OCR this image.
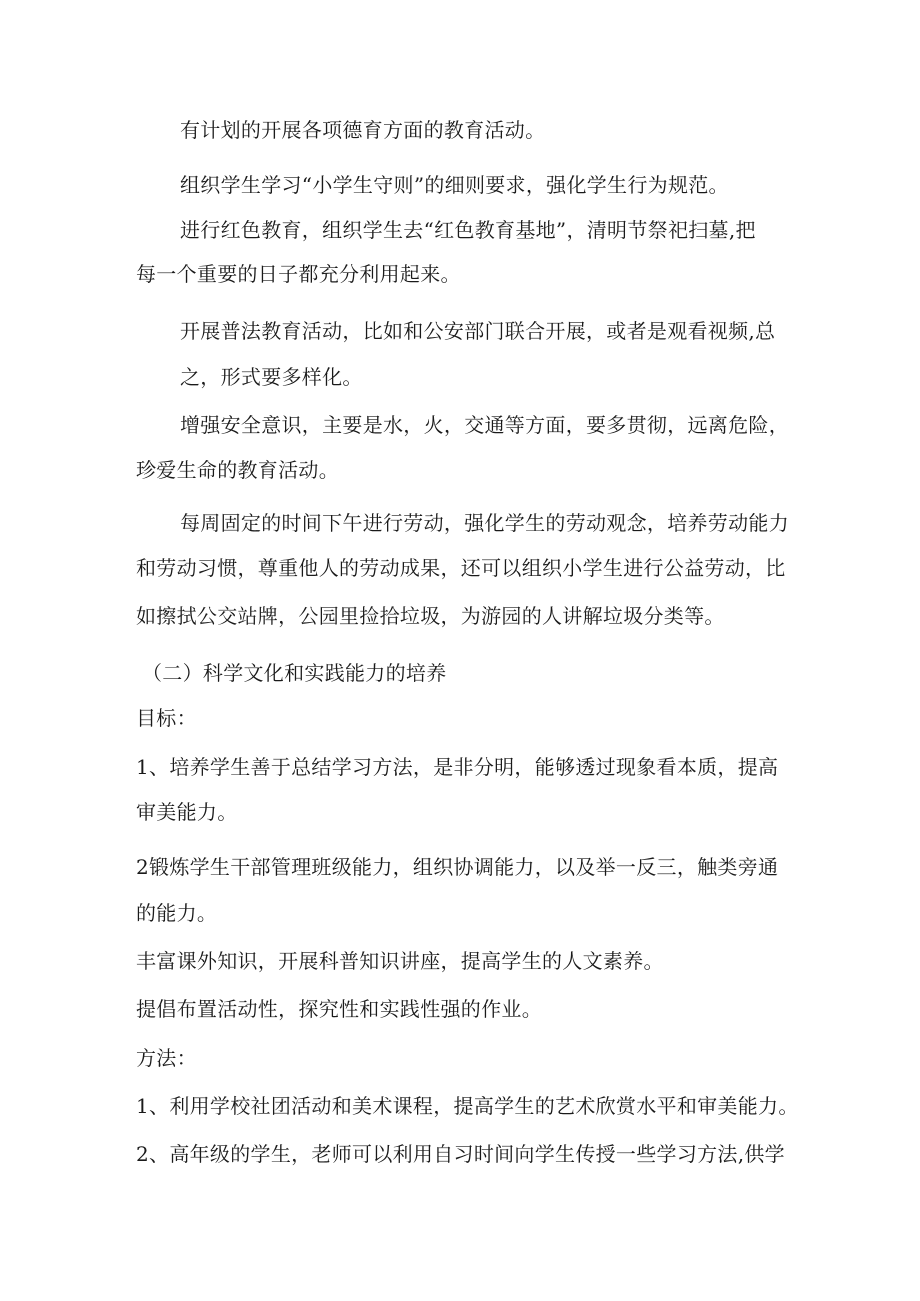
有计划的开展各项德育方面的教育活动。
组织学生学习“小学生守则”的细则要求，强化学生行为规范。
进行红色教育，组织学生去“红色教育基地”，清明节祭祀扫墓,把
每一个重要的日子都充分利用起来。
开展普法教育活动，比如和公安部门联合开展，或者是观看视频,总
之，形式要多样化。
增强安全意识，主要是水，火，交通等方面，要多贯彻，远离危险，
珍爱生命的教育活动。
每周固定的时间下午进行劳动，强化学生的劳动观念，培养劳动能力
和劳动习惯，尊重他人的劳动成果，还可以组织小学生进行公益劳动，比
如擦拭公交站牌，公园里捡拾垃圾，为游园的人讲解垃圾分类等。
（二）科学文化和实践能力的培养
目标：
1、培养学生善于总结学习方法，是非分明，能够透过现象看本质，提高
审美能力。
2锻炼学生干部管理班级能力，组织协调能力，以及举一反三，触类旁通
的能力。
丰富课外知识，开展科普知识讲座，提高学生的人文素养。
提倡布置活动性，探究性和实践性强的作业。
方法：
1、利用学校社团活动和美术课程，提高学生的艺术欣赏水平和审美能力。
2、高年级的学生，老师可以利用自习时间向学生传授一些学习方法,供学
